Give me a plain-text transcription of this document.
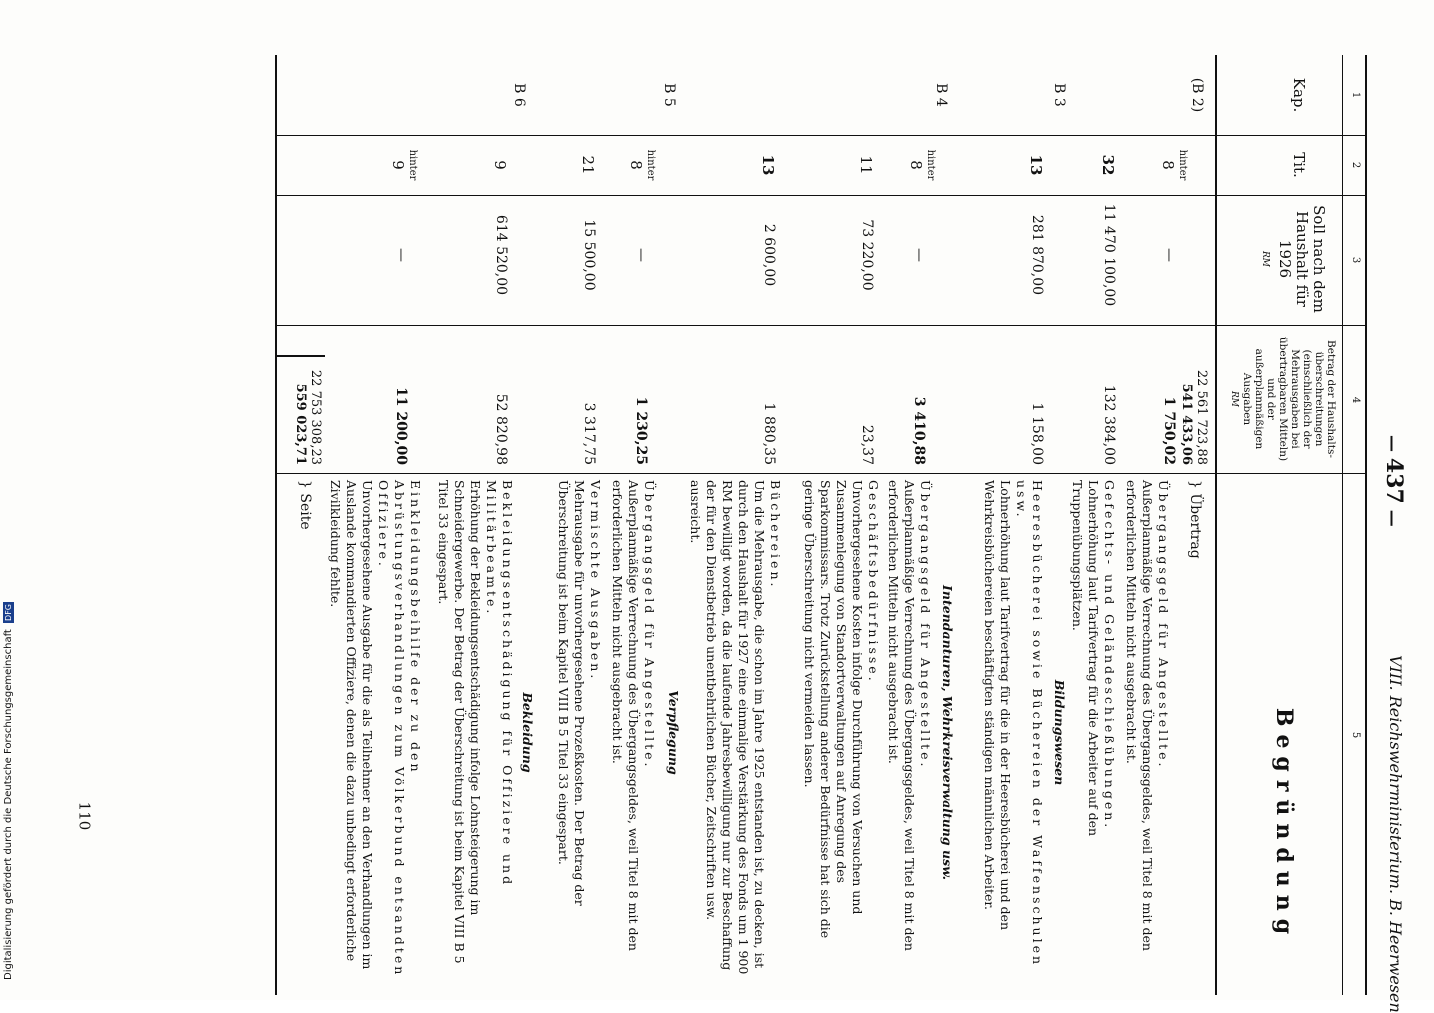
— 437 —
VIII. Reichswehrministerium. B. Heerwesen
1
2
3
4
5
Kap.
Tit.
Soll nach dem Haushalt für 1926
RM
Betrag der Haushalts-überschreitungen (einschließlich der Mehrausgaben bei übertragbaren Mitteln) und der außerplanmäßigen Ausgaben
RM
Begründung
22 561 723,88
541 433,06
} Übertrag
(B 2)
hinter
8
—
1 750,02
Übergangsgeld für Angestellte.
Außerplanmäßige Verrechnung des Übergangsgeldes, weil Titel 8 mit den erforderlichen Mitteln nicht ausgebracht ist.
32
11 470 100,00
132 384,00
Gefechts- und Geländeschießübungen.
Lohnerhöhung laut Tarifvertrag für die Arbeiter auf den Truppenübungsplätzen.
B 3
Bildungswesen
13
281 870,00
1 158,00
Heeresbücherei sowie Büchereien der Waffenschulen usw.
Lohnerhöhung laut Tarifvertrag für die in der Heeresbücherei und den Wehrkreisbüchereien beschäftigten ständigen männlichen Arbeiter.
B 4
Intendanturen, Wehrkreisverwaltung usw.
hinter
8
—
3 410,88
Übergangsgeld für Angestellte.
Außerplanmäßige Verrechnung des Übergangsgeldes, weil Titel 8 mit den erforderlichen Mitteln nicht ausgebracht ist.
11
73 220,00
23,37
Geschäftsbedürfnisse.
Unvorhergesehene Kosten infolge Durchführung von Versuchen und Zusammenlegung von Standortverwaltungen auf Anregung des Sparkommissars. Trotz Zurückstellung anderer Bedürfnisse hat sich die geringe Überschreitung nicht vermeiden lassen.
13
2 600,00
1 880,35
Büchereien.
Um die Mehrausgabe, die schon im Jahre 1925 entstanden ist, zu decken, ist durch den Haushalt für 1927 eine einmalige Verstärkung des Fonds um 1 900 RM bewilligt worden, da die laufende Jahresbewilligung nur zur Beschaffung der für den Dienstbetrieb unentbehrlichen Bücher, Zeitschriften usw. ausreicht.
B 5
Verpflegung
hinter
8
—
1 230,25
Übergangsgeld für Angestellte.
Außerplanmäßige Verrechnung des Übergangsgeldes, weil Titel 8 mit den erforderlichen Mitteln nicht ausgebracht ist.
21
15 500,00
3 317,75
Vermischte Ausgaben.
Mehrausgabe für unvorhergesehene Prozeßkosten. Der Betrag der Überschreitung ist beim Kapitel VIII B 5 Titel 33 eingespart.
B 6
Bekleidung
9
614 520,00
52 820,98
Bekleidungsentschädigung für Offiziere und Militärbeamte.
Erhöhung der Bekleidungsentschädigung infolge Lohnsteigerung im Schneidergewerbe. Der Betrag der Überschreitung ist beim Kapitel VIII B 5 Titel 33 eingespart.
hinter
9
—
11 200,00
Einkleidungsbeihilfe der zu den Abrüstungsverhandlungen zum Völkerbund entsandten Offiziere.
Unvorhergesehene Ausgabe für die als Teilnehmer an den Verhandlungen im Auslande kommandierten Offiziere, denen die dazu unbedingt erforderliche Zivilkleidung fehlte.
22 753 308,23
559 023,71
} Seite
110
Digitalisierung gefördert durch die Deutsche Forschungsgemeinschaft DFG
